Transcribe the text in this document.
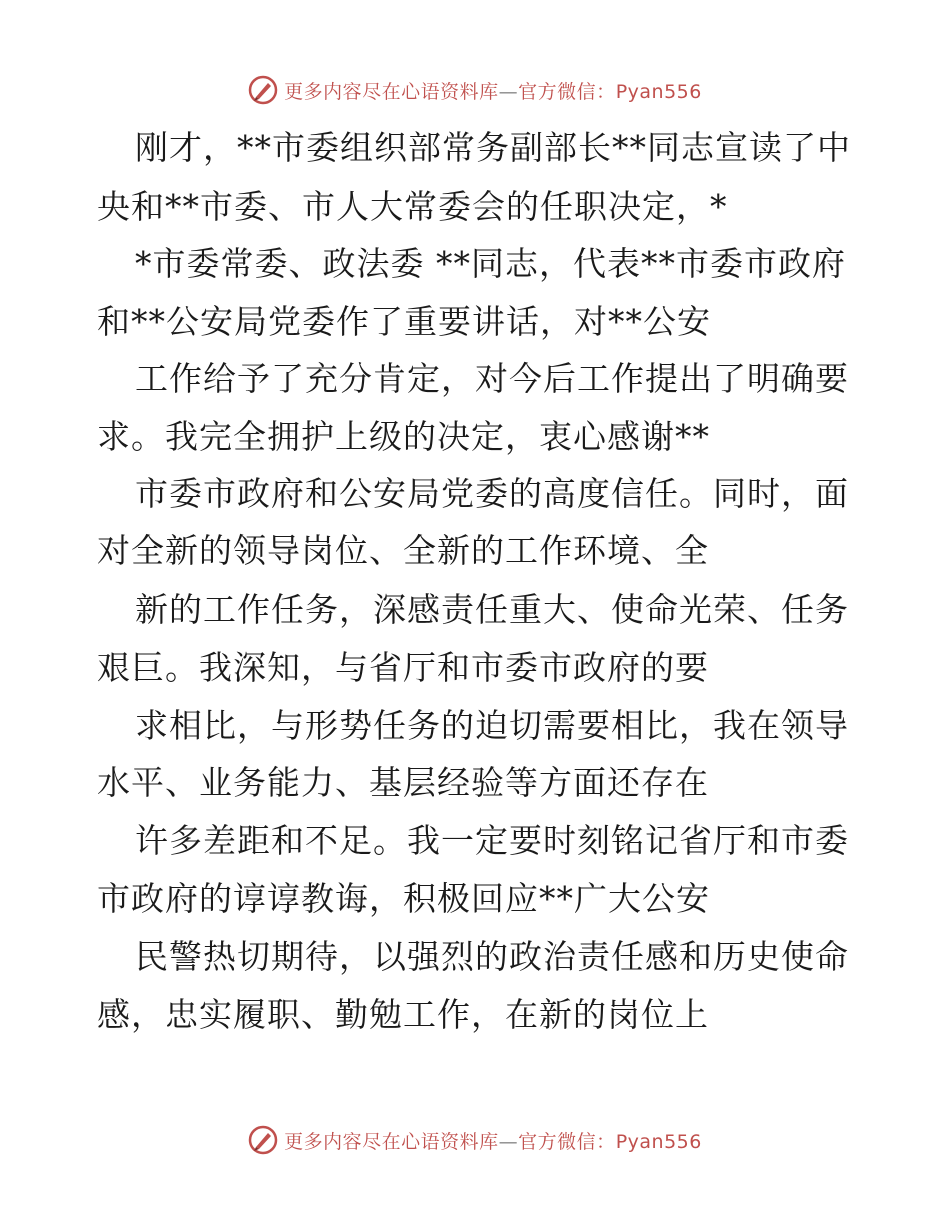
更多内容尽在心语资料库—官方微信：Pyan556
刚才，**市委组织部常务副部长**同志宣读了中
央和**市委、市人大常委会的任职决定，*
*市委常委、政法委 **同志，代表**市委市政府
和**公安局党委作了重要讲话，对**公安
工作给予了充分肯定，对今后工作提出了明确要
求。我完全拥护上级的决定，衷心感谢**
市委市政府和公安局党委的高度信任。同时，面
对全新的领导岗位、全新的工作环境、全
新的工作任务，深感责任重大、使命光荣、任务
艰巨。我深知，与省厅和市委市政府的要
求相比，与形势任务的迫切需要相比，我在领导
水平、业务能力、基层经验等方面还存在
许多差距和不足。我一定要时刻铭记省厅和市委
市政府的谆谆教诲，积极回应**广大公安
民警热切期待，以强烈的政治责任感和历史使命
感，忠实履职、勤勉工作，在新的岗位上
更多内容尽在心语资料库—官方微信：Pyan556
